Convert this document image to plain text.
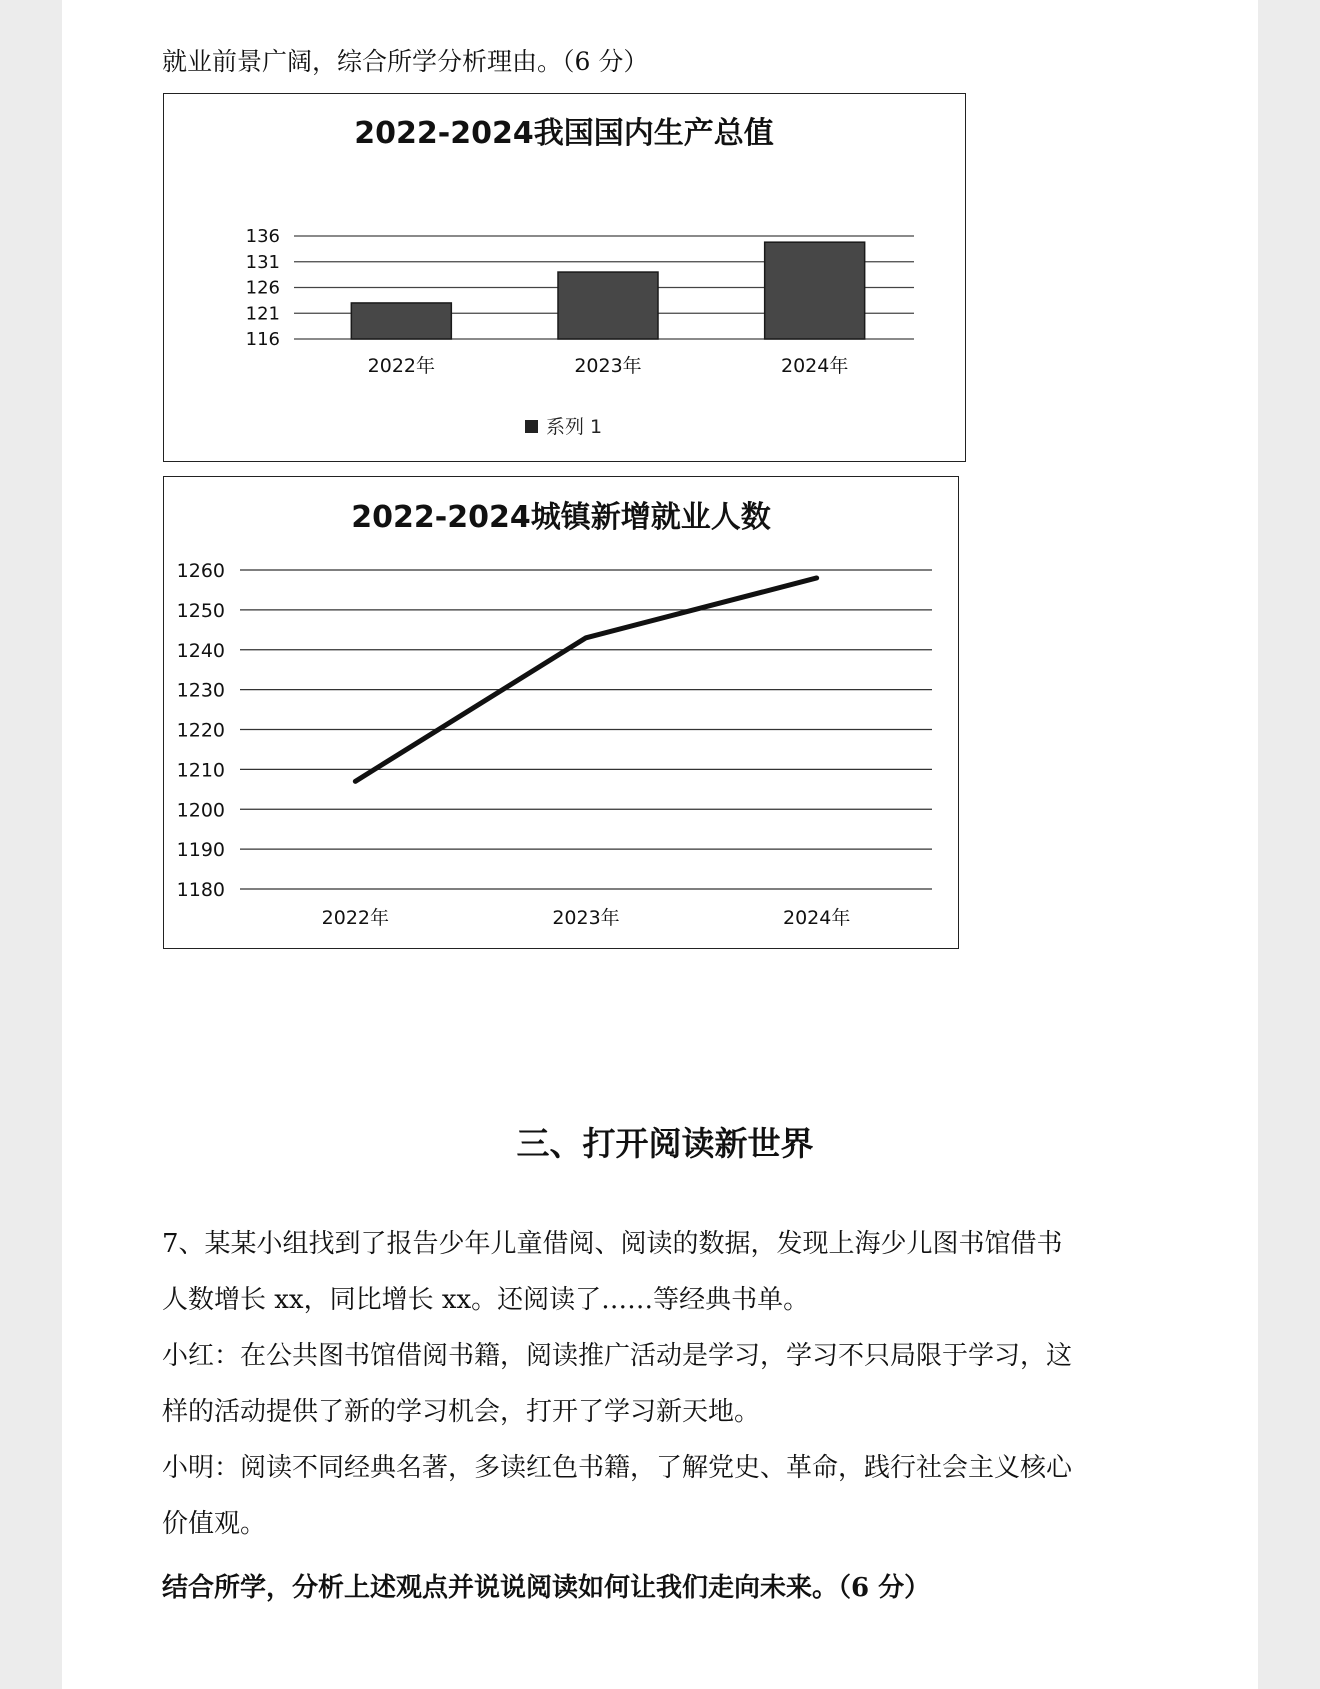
就业前景广阔，综合所学分析理由。（6 分）

2022-2024我国国内生产总值
116
121
126
131
136
2022年	2023年	2024年
系列 1
2022-2024城镇新增就业人数
1180
1190
1200
1210
1220
1230
1240
1250
1260
2022年	2023年	2024年

三、打开阅读新世界

7、某某小组找到了报告少年儿童借阅、阅读的数据，发现上海少儿图书馆借书

人数增长 xx，同比增长 xx。还阅读了……等经典书单。

小红：在公共图书馆借阅书籍，阅读推广活动是学习，学习不只局限于学习，这

样的活动提供了新的学习机会，打开了学习新天地。

小明：阅读不同经典名著，多读红色书籍，了解党史、革命，践行社会主义核心

价值观。

结合所学，分析上述观点并说说阅读如何让我们走向未来。（6 分）
